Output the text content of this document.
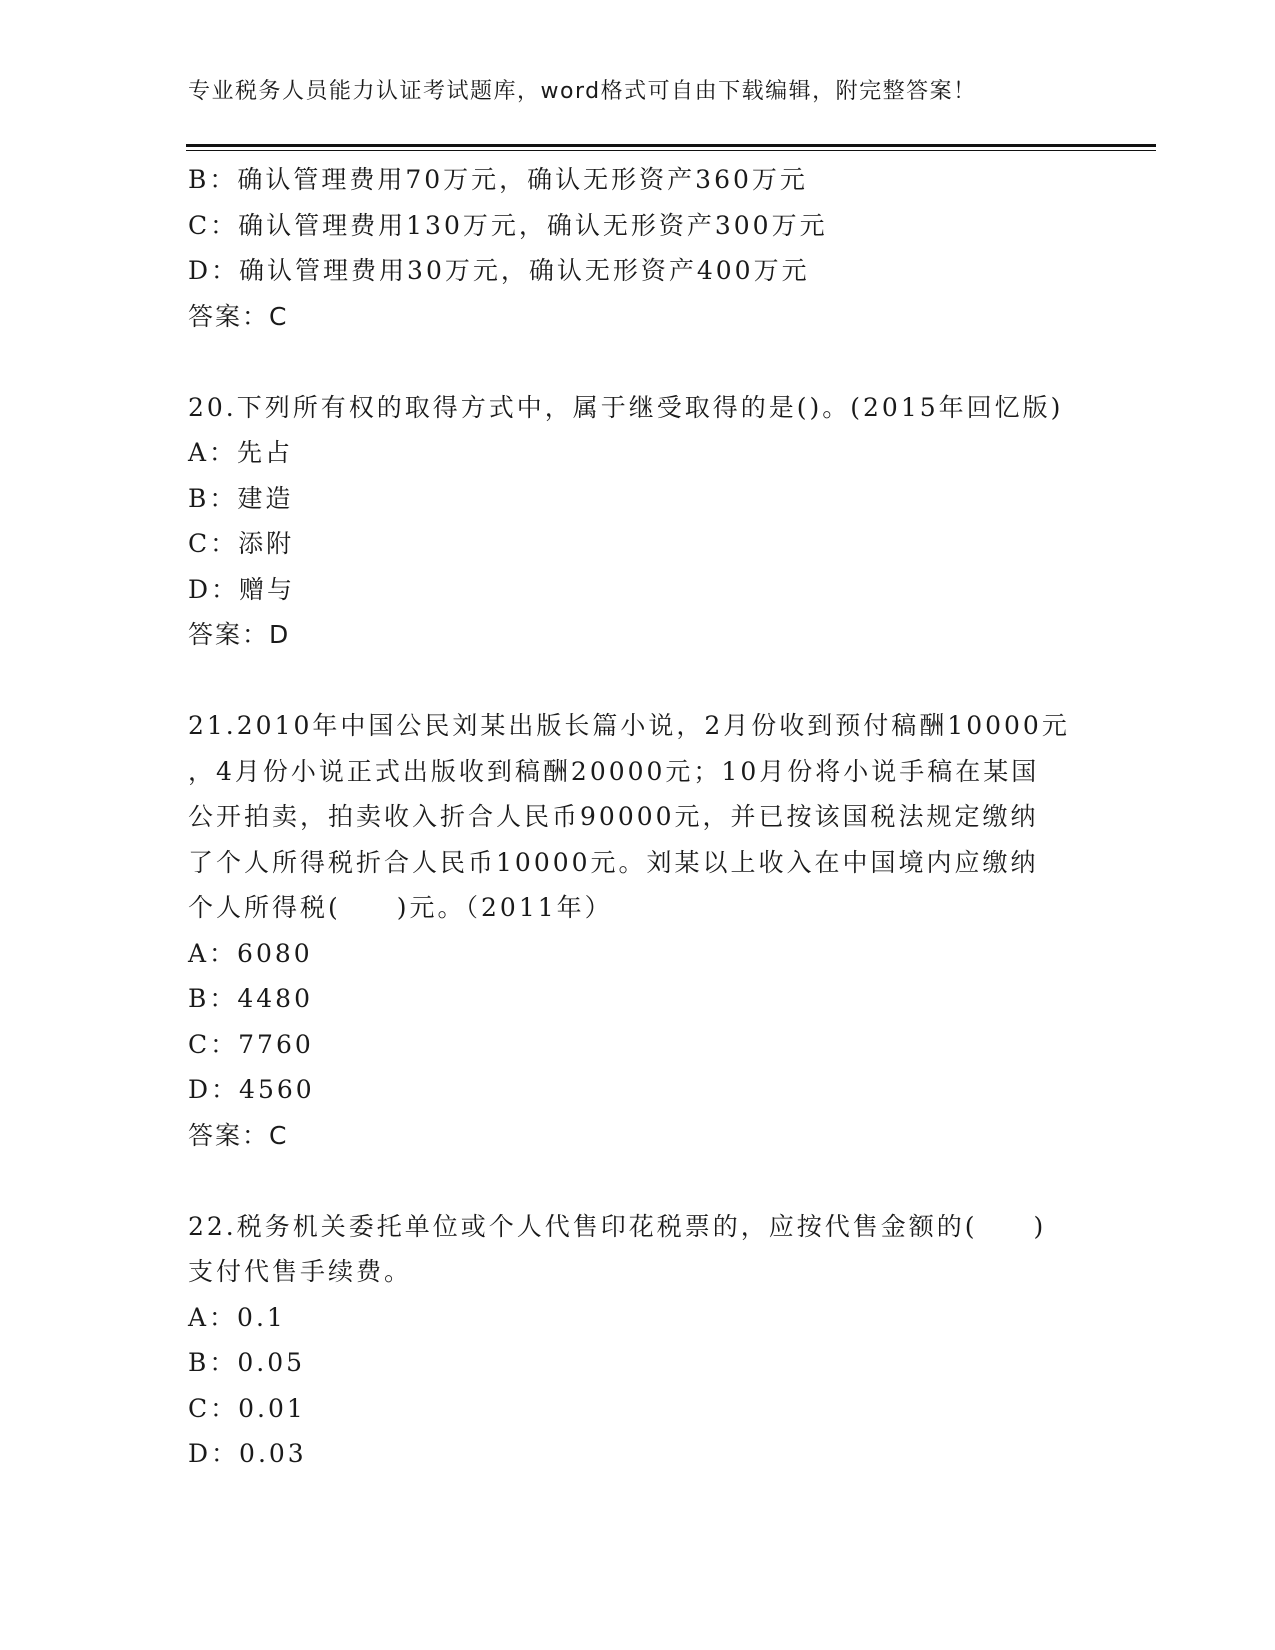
专业税务人员能力认证考试题库，word格式可自由下载编辑，附完整答案！
B：确认管理费用70万元，确认无形资产360万元
C：确认管理费用130万元，确认无形资产300万元
D：确认管理费用30万元，确认无形资产400万元
答案：C
20.下列所有权的取得方式中，属于继受取得的是()。(2015年回忆版)
A：先占
B：建造
C：添附
D：赠与
答案：D
21.2010年中国公民刘某出版长篇小说，2月份收到预付稿酬10000元
，4月份小说正式出版收到稿酬20000元；10月份将小说手稿在某国
公开拍卖，拍卖收入折合人民币90000元，并已按该国税法规定缴纳
了个人所得税折合人民币10000元。刘某以上收入在中国境内应缴纳
个人所得税(　　)元。（2011年）
A：6080
B：4480
C：7760
D：4560
答案：C
22.税务机关委托单位或个人代售印花税票的，应按代售金额的(　　)
支付代售手续费。
A：0.1
B：0.05
C：0.01
D：0.03
